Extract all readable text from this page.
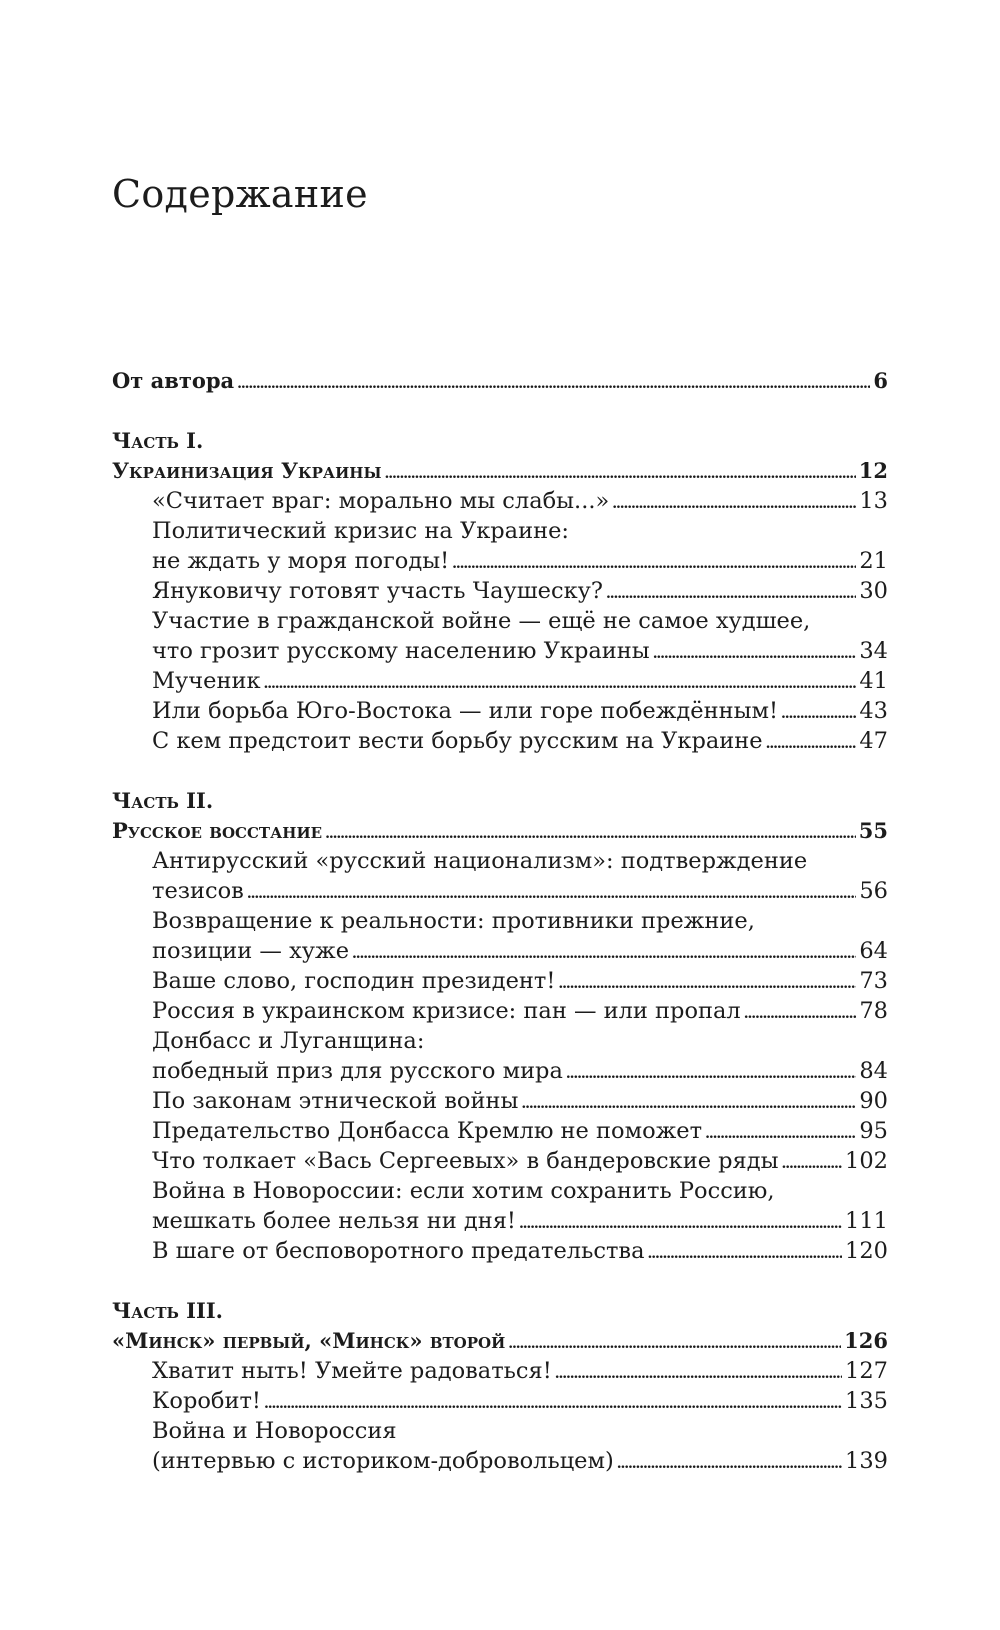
Содержание
От автора . . .	6
Часть I.
Украинизация Украины . . .	12
«Считает враг: морально мы слабы...» . . .	13
Политический кризис на Украине:
не ждать у моря погоды! . . .	21
Януковичу готовят участь Чаушеску? . . .	30
Участие в гражданской войне — ещё не самое худшее,
что грозит русскому населению Украины . . .	34
Мученик . . .	41
Или борьба Юго-Востока — или горе побеждённым! . . .	43
С кем предстоит вести борьбу русским на Украине . . .	47
Часть II.
Русское восстание . . .	55
Антирусский «русский национализм»: подтверждение
тезисов . . .	56
Возвращение к реальности: противники прежние,
позиции — хуже . . .	64
Ваше слово, господин президент! . . .	73
Россия в украинском кризисе: пан — или пропал . . .	78
Донбасс и Луганщина:
победный приз для русского мира . . .	84
По законам этнической войны . . .	90
Предательство Донбасса Кремлю не поможет . . .	95
Что толкает «Вась Сергеевых» в бандеровские ряды . . .	102
Война в Новороссии: если хотим сохранить Россию,
мешкать более нельзя ни дня! . . .	111
В шаге от бесповоротного предательства . . .	120
Часть III.
«Минск» первый, «Минск» второй . . .	126
Хватит ныть! Умейте радоваться! . . .	127
Коробит! . . .	135
Война и Новороссия
(интервью с историком-добровольцем) . . .	139
